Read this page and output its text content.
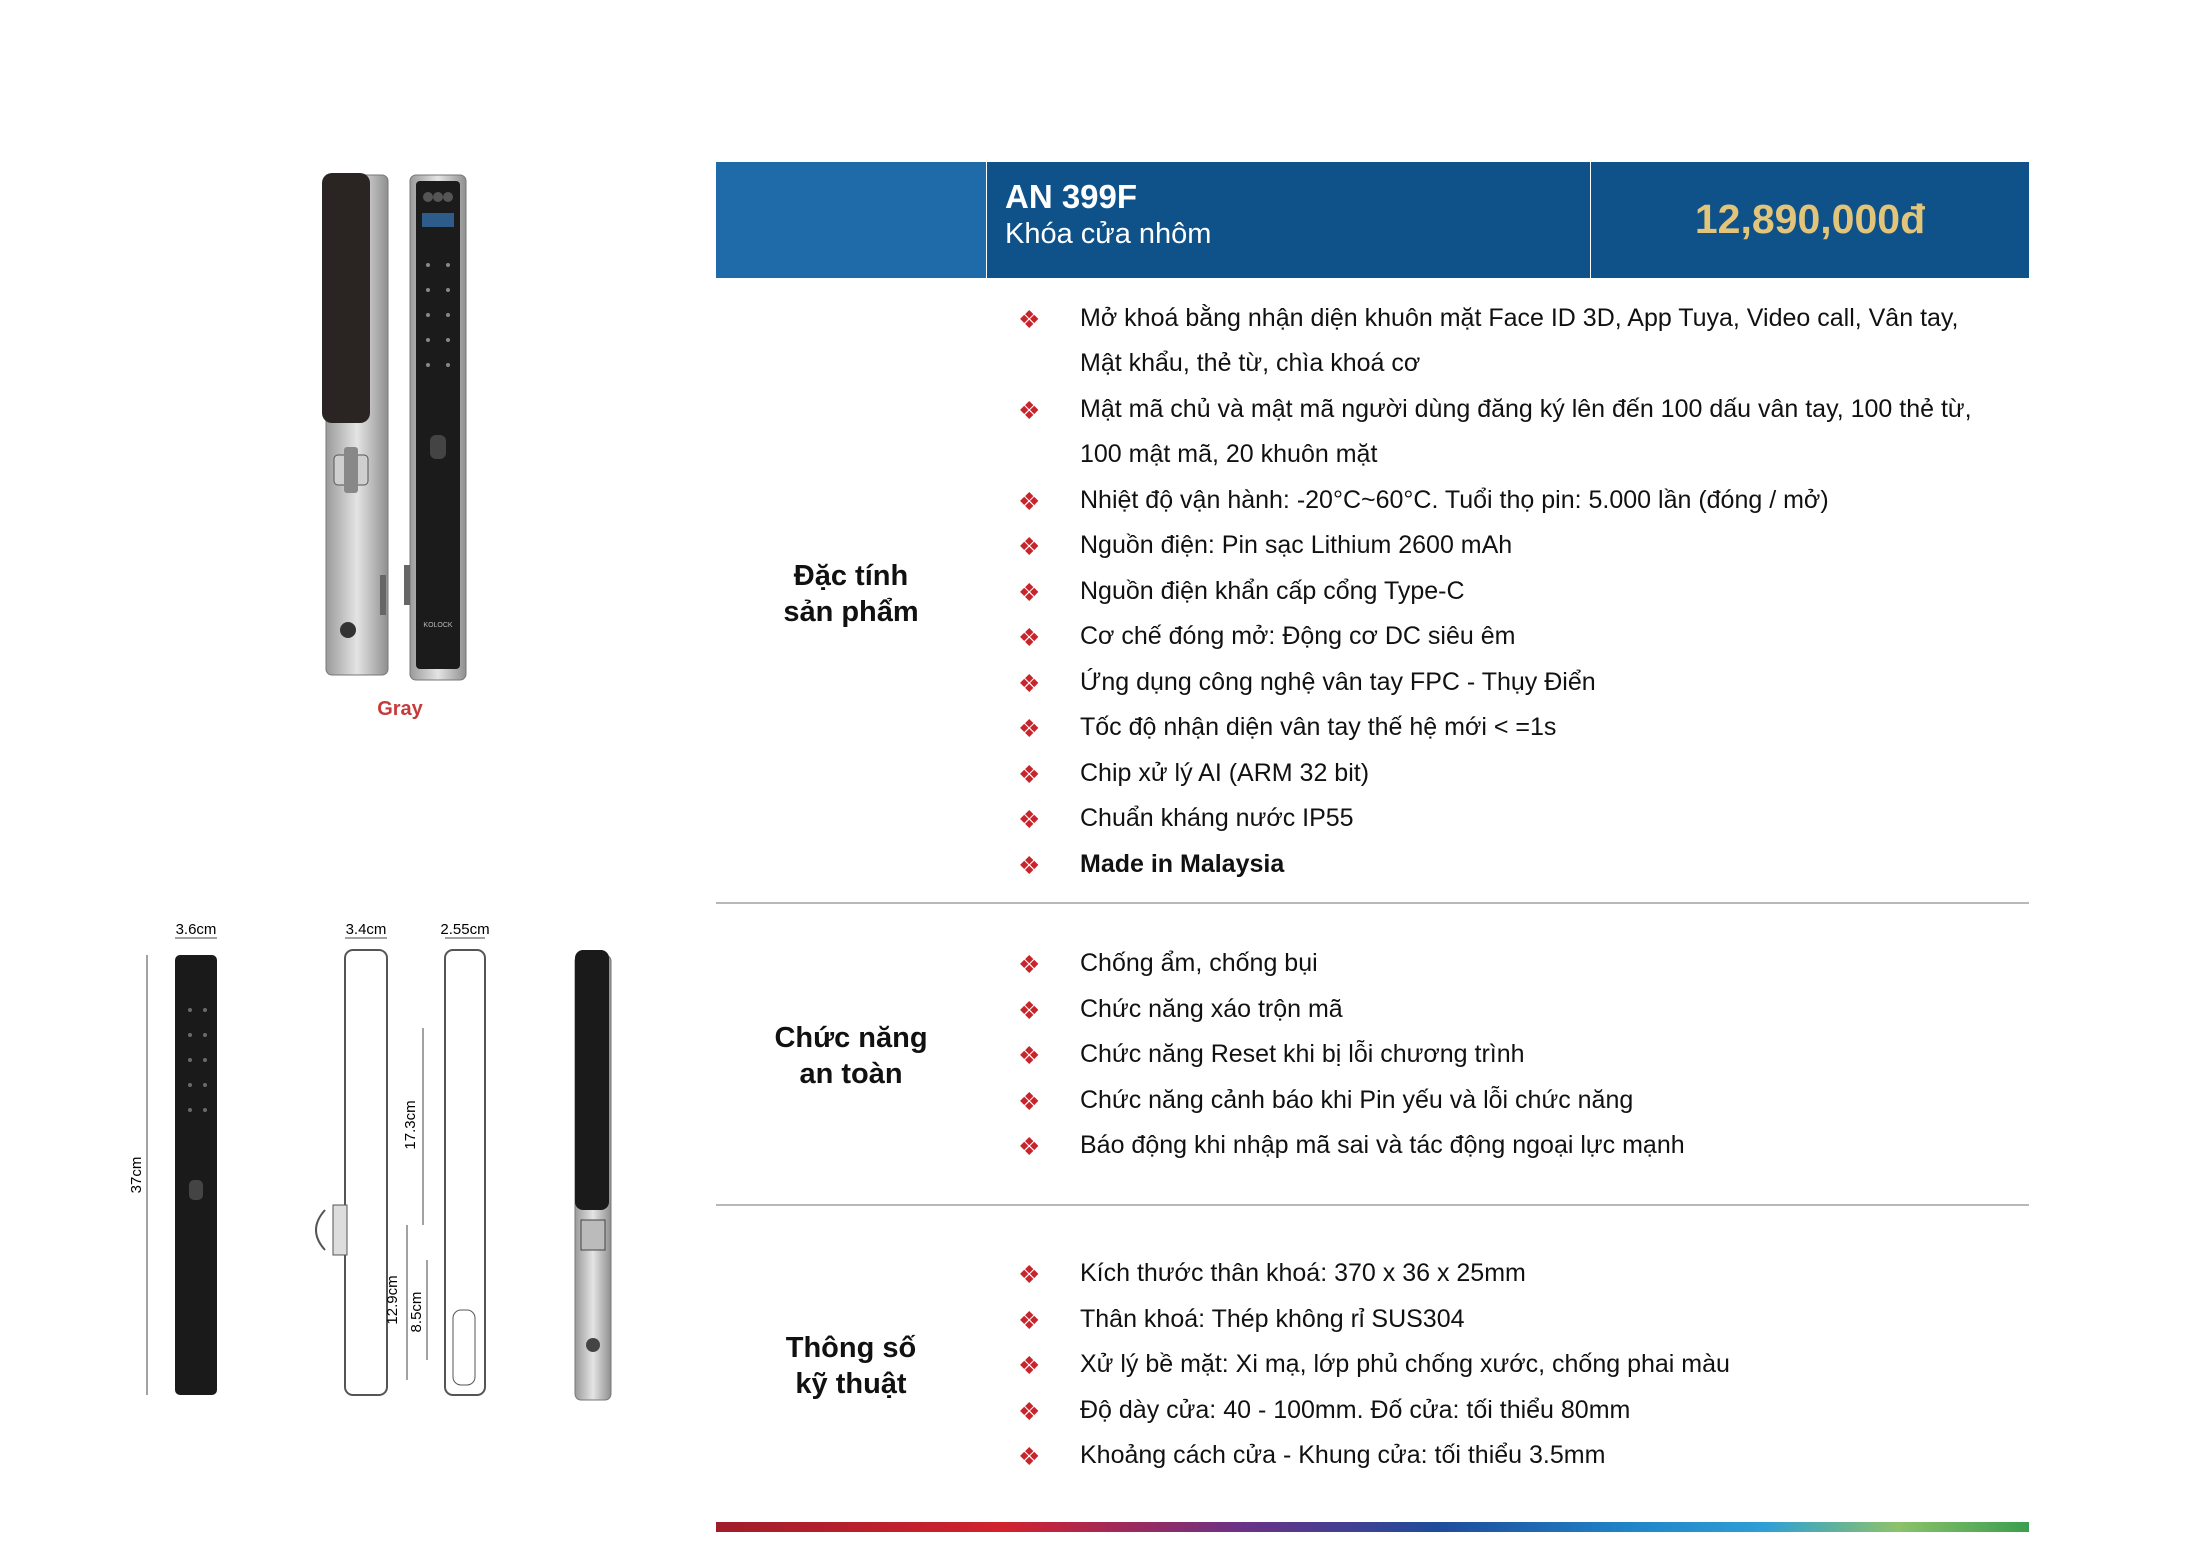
KOLOCK
Gray
3.6cm
37cm
3.4cm	2.55cm
17.3cm
12.9cm 8.5cm
AN 399F
Khóa cửa nhôm	12,890,000đ
Đặc tính
sản phẩm
❖ Mở khoá bằng nhận diện khuôn mặt Face ID 3D, App Tuya, Video call, Vân tay,
Mật khẩu, thẻ từ, chìa khoá cơ
❖ Mật mã chủ và mật mã người dùng đăng ký lên đến 100 dấu vân tay, 100 thẻ từ,
100 mật mã, 20 khuôn mặt
❖ Nhiệt độ vận hành: -20°C~60°C. Tuổi thọ pin: 5.000 lần (đóng / mở)
❖ Nguồn điện: Pin sạc Lithium 2600 mAh
❖ Nguồn điện khẩn cấp cổng Type-C
❖ Cơ chế đóng mở: Động cơ DC siêu êm
❖ Ứng dụng công nghệ vân tay FPC - Thụy Điển
❖ Tốc độ nhận diện vân tay thế hệ mới < =1s
❖ Chip xử lý AI (ARM 32 bit)
❖ Chuẩn kháng nước IP55
❖ Made in Malaysia
Chức năng
an toàn
❖ Chống ẩm, chống bụi
❖ Chức năng xáo trộn mã
❖ Chức năng Reset khi bị lỗi chương trình
❖ Chức năng cảnh báo khi Pin yếu và lỗi chức năng
❖ Báo động khi nhập mã sai và tác động ngoại lực mạnh
Thông số
kỹ thuật
❖ Kích thước thân khoá: 370 x 36 x 25mm
❖ Thân khoá: Thép không rỉ SUS304
❖ Xử lý bề mặt: Xi mạ, lớp phủ chống xước, chống phai màu
❖ Độ dày cửa: 40 - 100mm. Đố cửa: tối thiểu 80mm
❖ Khoảng cách cửa - Khung cửa: tối thiểu 3.5mm
